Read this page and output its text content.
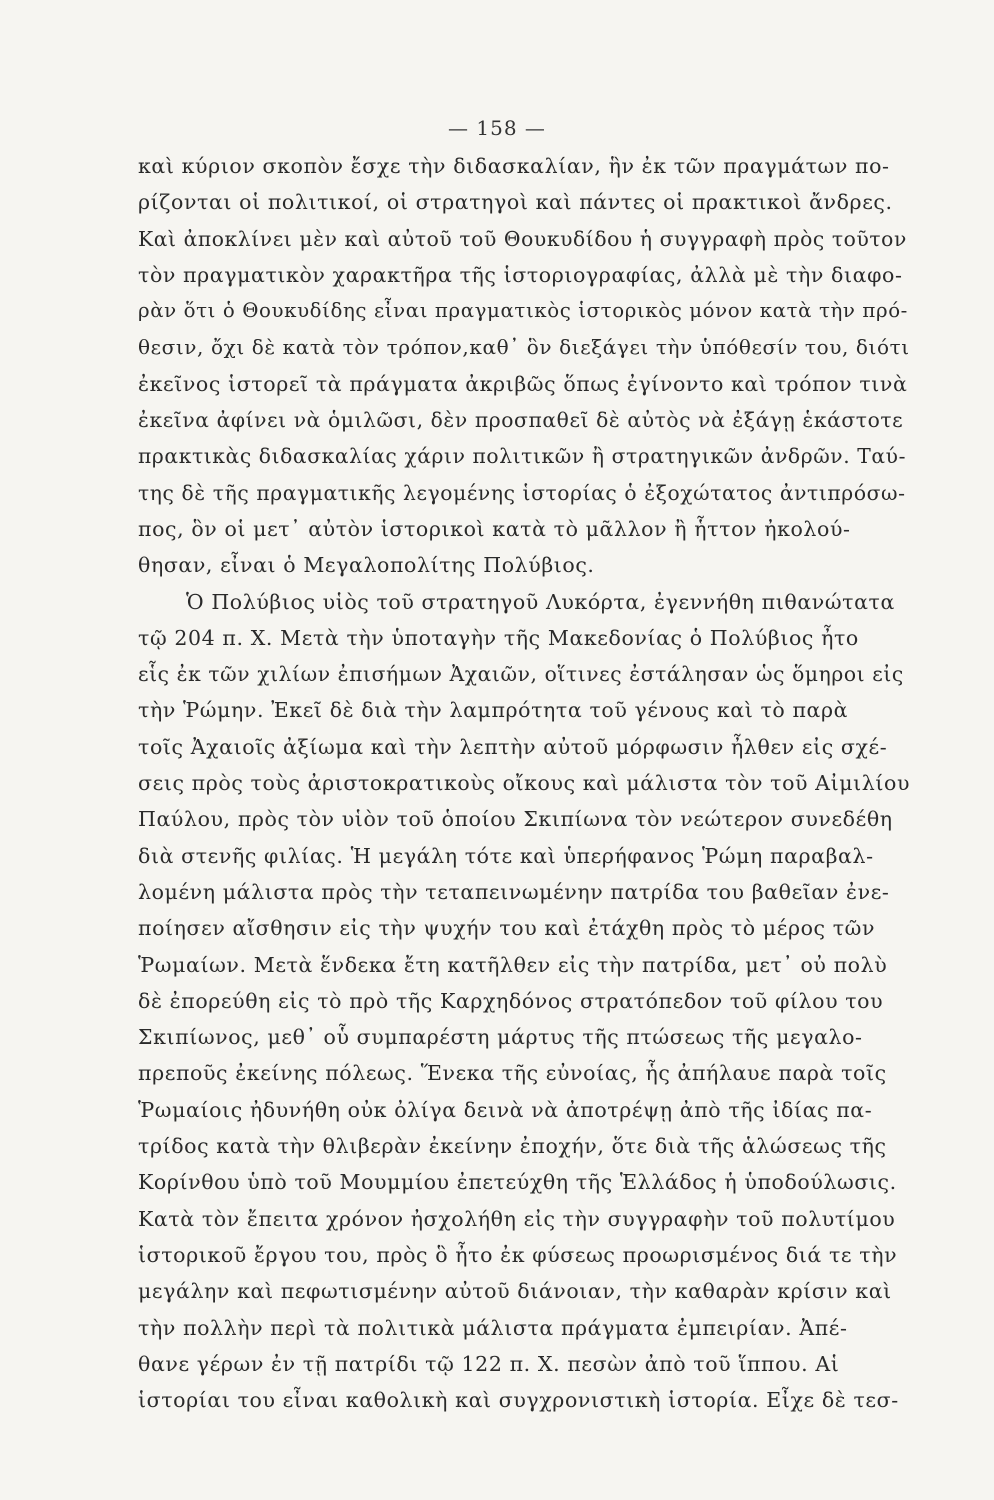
— 158 —
καὶ κύριον σκοπὸν ἔσχε τὴν διδασκαλίαν, ἣν ἐκ τῶν πραγμάτων πο-
ρίζονται οἱ πολιτικοί, οἱ στρατηγοὶ καὶ πάντες οἱ πρακτικοὶ ἄνδρες.
Καὶ ἀποκλίνει μὲν καὶ αὐτοῦ τοῦ Θουκυδίδου ἡ συγγραφὴ πρὸς τοῦτον
τὸν πραγματικὸν χαρακτῆρα τῆς ἱστοριογραφίας, ἀλλὰ μὲ τὴν διαφο-
ρὰν ὅτι ὁ Θουκυδίδης εἶναι πραγματικὸς ἱστορικὸς μόνον κατὰ τὴν πρό-
θεσιν, ὄχι δὲ κατὰ τὸν τρόπον,καθ᾽ ὃν διεξάγει τὴν ὑπόθεσίν του, διότι
ἐκεῖνος ἱστορεῖ τὰ πράγματα ἀκριβῶς ὅπως ἐγίνοντο καὶ τρόπον τινὰ
ἐκεῖνα ἀφίνει νὰ ὁμιλῶσι, δὲν προσπαθεῖ δὲ αὐτὸς νὰ ἐξάγῃ ἑκάστοτε
πρακτικὰς διδασκαλίας χάριν πολιτικῶν ἢ στρατηγικῶν ἀνδρῶν. Ταύ-
της δὲ τῆς πραγματικῆς λεγομένης ἱστορίας ὁ ἐξοχώτατος ἀντιπρόσω-
πος, ὃν οἱ μετ᾽ αὐτὸν ἱστορικοὶ κατὰ τὸ μᾶλλον ἢ ἧττον ἠκολού-
θησαν, εἶναι ὁ Μεγαλοπολίτης Πολύβιος.
Ὁ Πολύβιος υἱὸς τοῦ στρατηγοῦ Λυκόρτα, ἐγεννήθη πιθανώτατα
τῷ 204 π. Χ. Μετὰ τὴν ὑποταγὴν τῆς Μακεδονίας ὁ Πολύβιος ἦτο
εἷς ἐκ τῶν χιλίων ἐπισήμων Ἀχαιῶν, οἵτινες ἐστάλησαν ὡς ὅμηροι εἰς
τὴν Ῥώμην. Ἐκεῖ δὲ διὰ τὴν λαμπρότητα τοῦ γένους καὶ τὸ παρὰ
τοῖς Ἀχαιοῖς ἀξίωμα καὶ τὴν λεπτὴν αὐτοῦ μόρφωσιν ἦλθεν εἰς σχέ-
σεις πρὸς τοὺς ἀριστοκρατικοὺς οἴκους καὶ μάλιστα τὸν τοῦ Αἰμιλίου
Παύλου, πρὸς τὸν υἱὸν τοῦ ὁποίου Σκιπίωνα τὸν νεώτερον συνεδέθη
διὰ στενῆς φιλίας. Ἡ μεγάλη τότε καὶ ὑπερήφανος Ῥώμη παραβαλ-
λομένη μάλιστα πρὸς τὴν τεταπεινωμένην πατρίδα του βαθεῖαν ἐνε-
ποίησεν αἴσθησιν εἰς τὴν ψυχήν του καὶ ἐτάχθη πρὸς τὸ μέρος τῶν
Ῥωμαίων. Μετὰ ἕνδεκα ἔτη κατῆλθεν εἰς τὴν πατρίδα, μετ᾽ οὐ πολὺ
δὲ ἐπορεύθη εἰς τὸ πρὸ τῆς Καρχηδόνος στρατόπεδον τοῦ φίλου του
Σκιπίωνος, μεθ᾽ οὗ συμπαρέστη μάρτυς τῆς πτώσεως τῆς μεγαλο-
πρεποῦς ἐκείνης πόλεως. Ἕνεκα τῆς εὐνοίας, ἧς ἀπήλαυε παρὰ τοῖς
Ῥωμαίοις ἠδυνήθη οὐκ ὀλίγα δεινὰ νὰ ἀποτρέψῃ ἀπὸ τῆς ἰδίας πα-
τρίδος κατὰ τὴν θλιβερὰν ἐκείνην ἐποχήν, ὅτε διὰ τῆς ἁλώσεως τῆς
Κορίνθου ὑπὸ τοῦ Μουμμίου ἐπετεύχθη τῆς Ἑλλάδος ἡ ὑποδούλωσις.
Κατὰ τὸν ἔπειτα χρόνον ἠσχολήθη εἰς τὴν συγγραφὴν τοῦ πολυτίμου
ἱστορικοῦ ἔργου του, πρὸς ὃ ἦτο ἐκ φύσεως προωρισμένος διά τε τὴν
μεγάλην καὶ πεφωτισμένην αὐτοῦ διάνοιαν, τὴν καθαρὰν κρίσιν καὶ
τὴν πολλὴν περὶ τὰ πολιτικὰ μάλιστα πράγματα ἐμπειρίαν. Ἀπέ-
θανε γέρων ἐν τῇ πατρίδι τῷ 122 π. Χ. πεσὼν ἀπὸ τοῦ ἵππου. Αἱ
ἱστορίαι του εἶναι καθολικὴ καὶ συγχρονιστικὴ ἱστορία. Εἶχε δὲ τεσ-
